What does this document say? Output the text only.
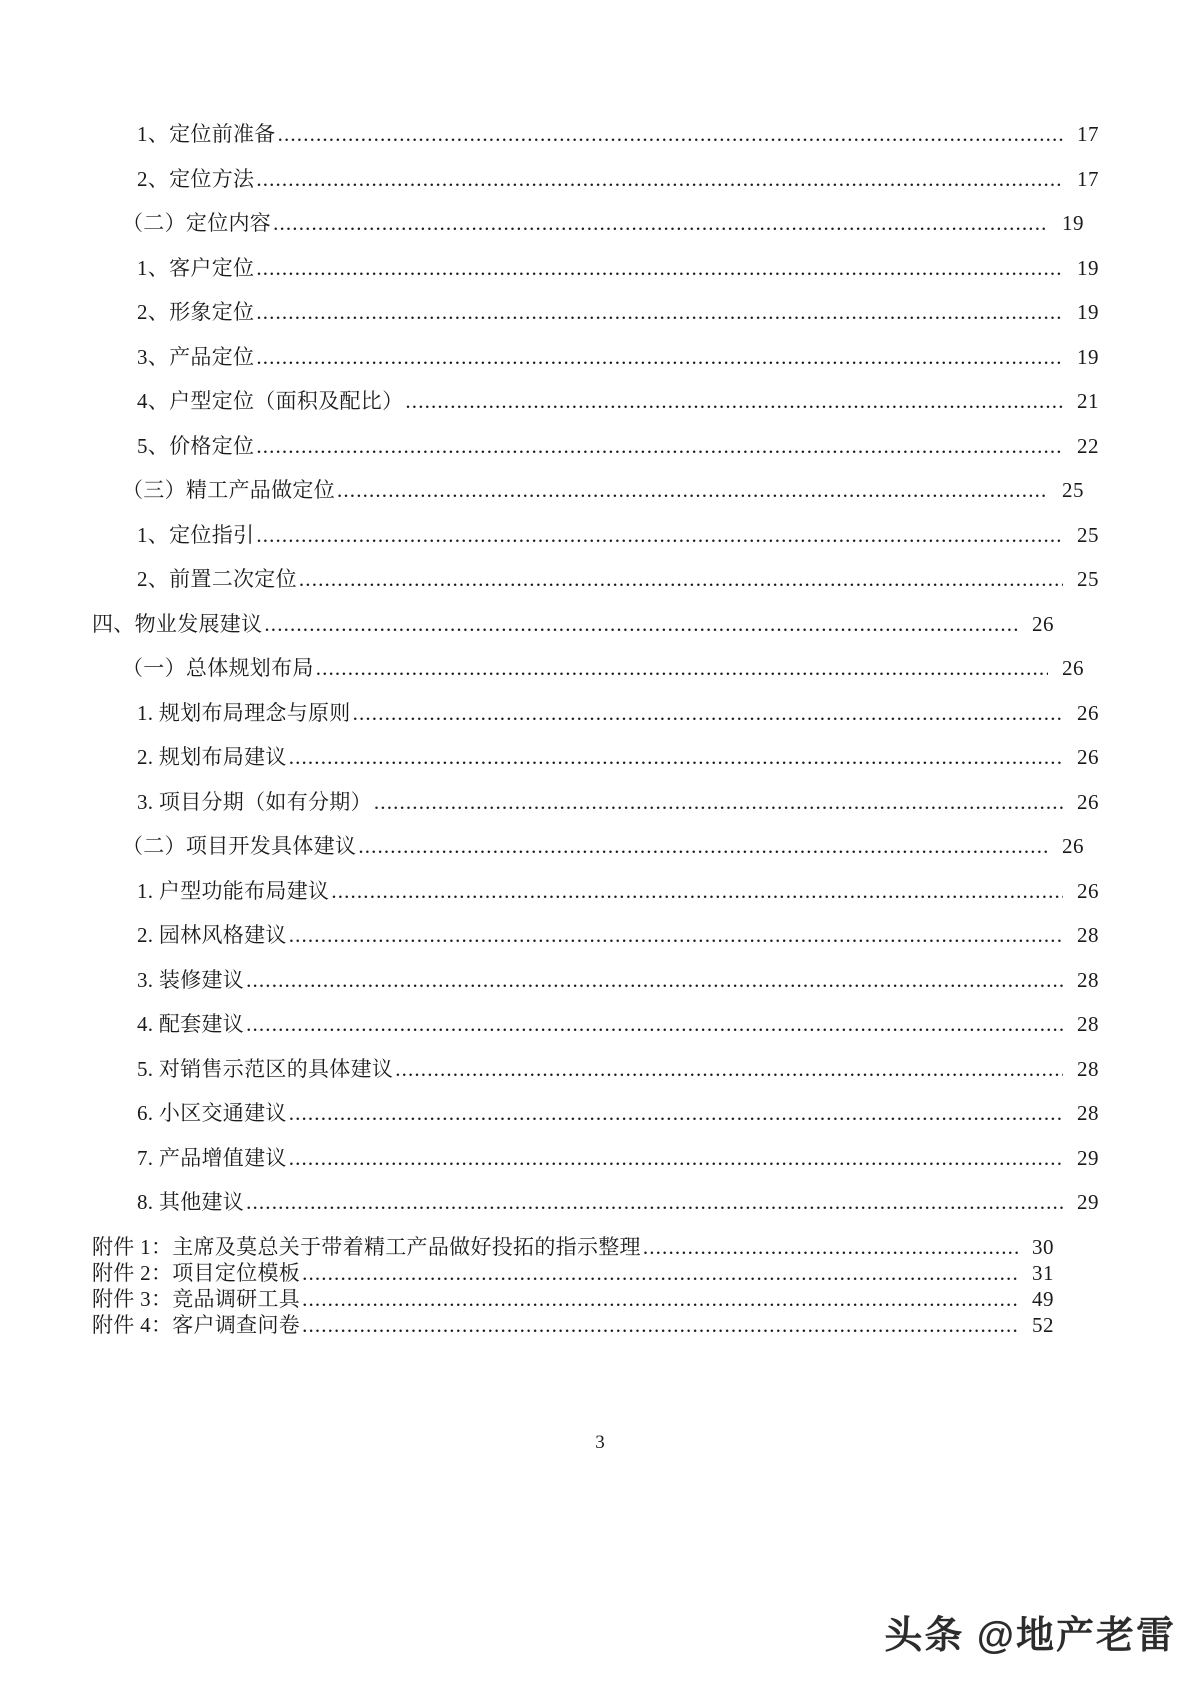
1、定位前准备 .....	17
2、定位方法 .....	17
（二）定位内容 .....	19
1、客户定位 .....	19
2、形象定位 .....	19
3、产品定位 .....	19
4、户型定位（面积及配比） .....	21
5、价格定位 .....	22
（三）精工产品做定位 .....	25
1、定位指引 .....	25
2、前置二次定位 .....	25
四、物业发展建议 .....	26
（一）总体规划布局 .....	26
1. 规划布局理念与原则 .....	26
2. 规划布局建议 .....	26
3. 项目分期（如有分期） .....	26
（二）项目开发具体建议 .....	26
1. 户型功能布局建议 .....	26
2. 园林风格建议 .....	28
3. 装修建议 .....	28
4. 配套建议 .....	28
5. 对销售示范区的具体建议 .....	28
6. 小区交通建议 .....	28
7. 产品增值建议 .....	29
8. 其他建议 .....	29
附件 1：主席及莫总关于带着精工产品做好投拓的指示整理 .....	30
附件 2：项目定位模板 .....	31
附件 3：竞品调研工具 .....	49
附件 4：客户调查问卷 .....	52
3
头条 @地产老雷
